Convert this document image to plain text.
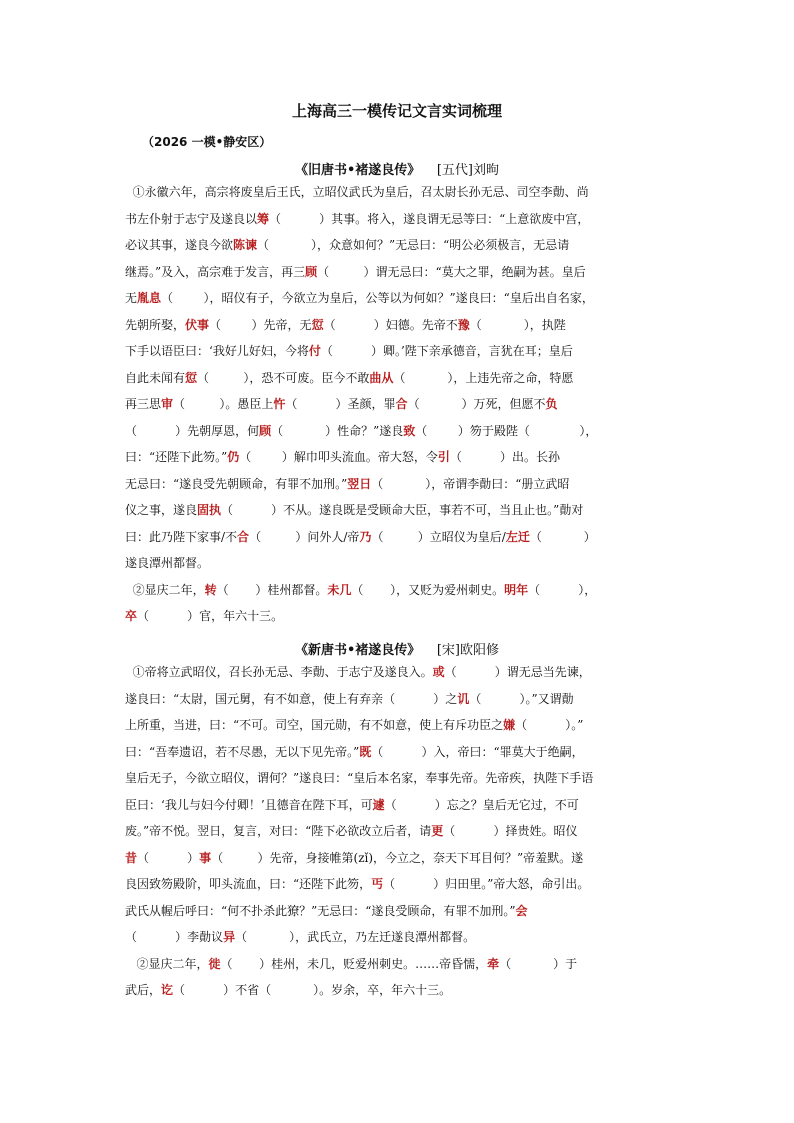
上海高三一模传记文言实词梳理
（2026 一模•静安区）
《旧唐书•褚遂良传》 [五代]刘昫
①永徽六年，高宗将废皇后王氏，立昭仪武氏为皇后，召太尉长孙无忌、司空李勣、尚
书左仆射于志宁及遂良以筹（          ）其事。将入，遂良谓无忌等曰：“上意欲废中宫，
必议其事，遂良今欲陈谏（           ），众意如何？”无忌曰：“明公必须极言，无忌请
继焉。”及入，高宗难于发言，再三顾（         ）谓无忌曰：“莫大之罪，绝嗣为甚。皇后
无胤息（        ），昭仪有子，今欲立为皇后，公等以为何如？”遂良曰：“皇后出自名家，
先朝所娶，伏事（        ）先帝，无愆（          ）妇德。先帝不豫（           ），执陛
下手以语臣曰：‘我好儿好妇，今将付（          ）卿。’陛下亲承德音，言犹在耳；皇后
自此未闻有愆（         ），恐不可废。臣今不敢曲从（           ），上违先帝之命，特愿
再三思审（         ）。愚臣上忤（          ）圣颜，罪合（           ）万死，但愿不负
（          ）先朝厚恩，何顾（           ）性命？”遂良致（        ）笏于殿陛（             ），
曰：“还陛下此笏。”仍（        ）解巾叩头流血。帝大怒，令引（          ）出。长孙
无忌曰：“遂良受先朝顾命，有罪不加刑。”翌日（           ），帝谓李勣曰：“册立武昭
仪之事，遂良固执（          ）不从。遂良既是受顾命大臣，事若不可，当且止也。”勣对
曰：此乃陛下家事/不合（         ）问外人/帝乃（         ）立昭仪为皇后/左迁（           ）
遂良潭州都督。
②显庆二年，转（       ）桂州都督。未几（       ），又贬为爱州刺史。明年（          ），
卒（          ）官，年六十三。
《新唐书•褚遂良传》 [宋]欧阳修
①帝将立武昭仪，召长孙无忌、李勣、于志宁及遂良入。或（          ）谓无忌当先谏，
遂良曰：“太尉，国元舅，有不如意，使上有弃亲（          ）之讥（          ）。”又谓勣
上所重，当进，曰：“不可。司空，国元勋，有不如意，使上有斥功臣之嫌（          ）。”
曰：“吾奉遗诏，若不尽愚，无以下见先帝。”既（          ）入，帝曰：“罪莫大于绝嗣，
皇后无子，今欲立昭仪，谓何？”遂良曰：“皇后本名家，奉事先帝。先帝疾，执陛下手语
臣曰：‘我儿与妇今付卿！’且德音在陛下耳，可遽（          ）忘之？皇后无它过，不可
废。”帝不悦。翌日，复言，对曰：“陛下必欲改立后者，请更（          ）择贵姓。昭仪
昔（          ）事（         ）先帝，身接帷第(zǐ)，今立之，奈天下耳目何？”帝羞默。遂
良因致笏殿阶，叩头流血，曰：“还陛下此笏，丐（          ）归田里。”帝大怒，命引出。
武氏从幄后呼曰：“何不扑杀此獠？”无忌曰：“遂良受顾命，有罪不加刑。”会
（          ）李勣议异（           ），武氏立，乃左迁遂良潭州都督。
②显庆二年，徙（       ）桂州，未几，贬爱州刺史。……帝昏懦，牵（           ）于
武后，讫（          ）不省（           ）。岁余，卒，年六十三。
